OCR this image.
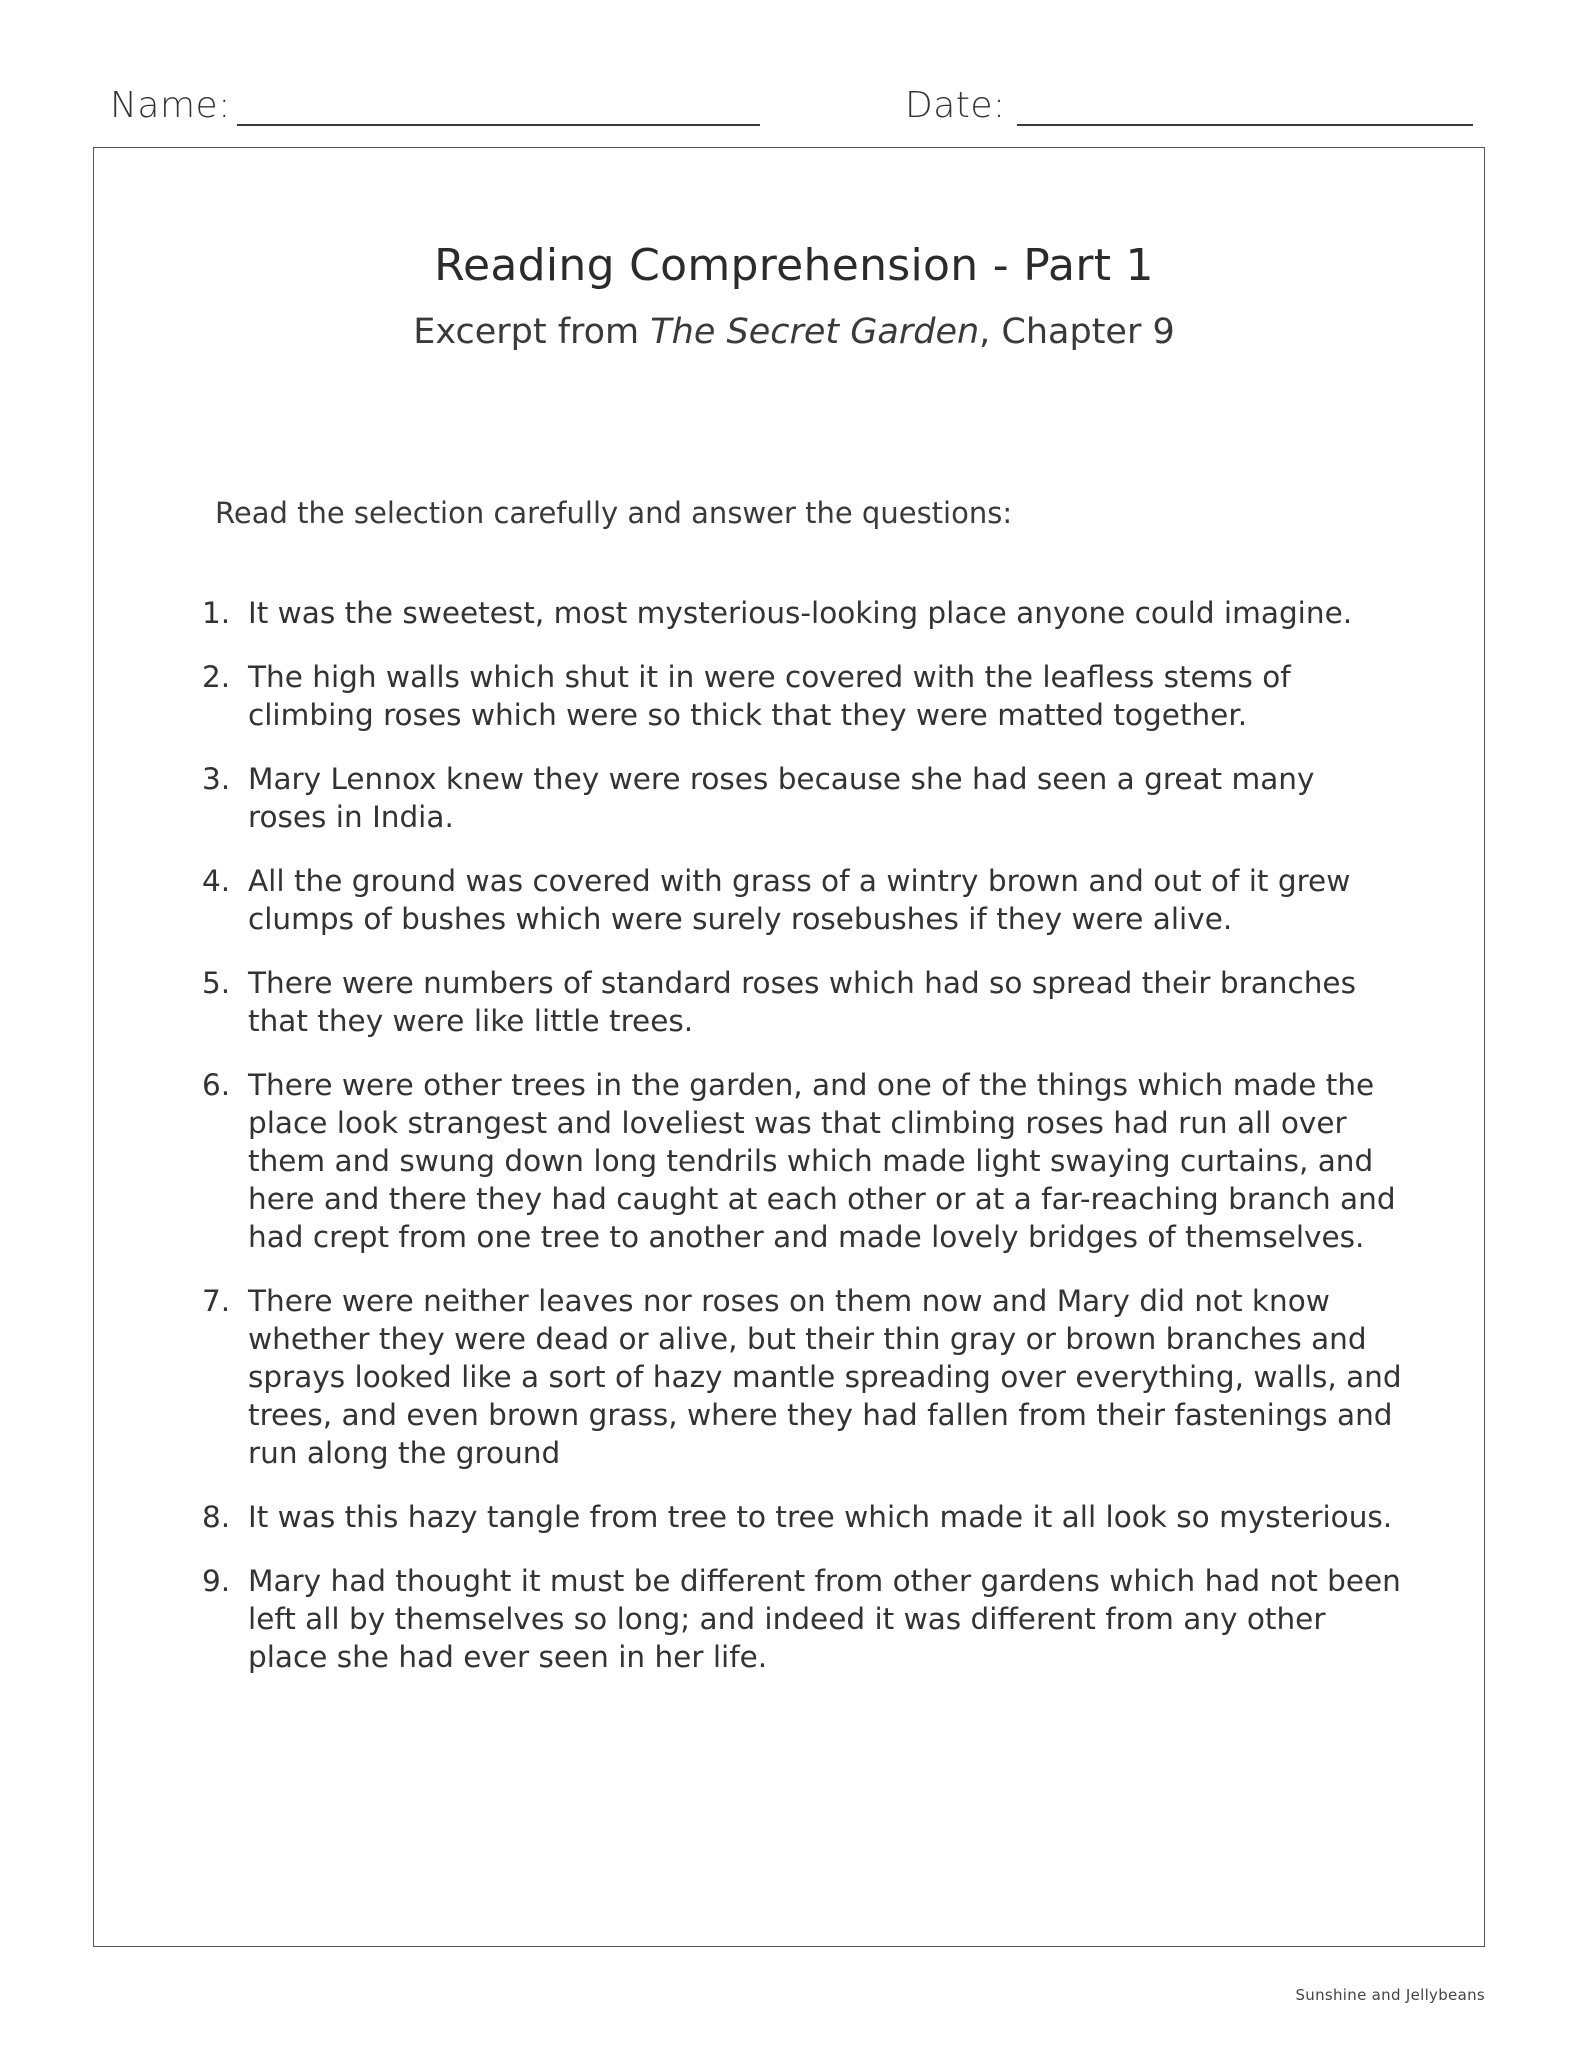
Name:	Date:
Reading Comprehension - Part 1
Excerpt from The Secret Garden, Chapter 9
Read the selection carefully and answer the questions:
1. It was the sweetest, most mysterious-looking place anyone could imagine.
2. The high walls which shut it in were covered with the leafless stems of climbing roses which were so thick that they were matted together.
3. Mary Lennox knew they were roses because she had seen a great many roses in India.
4. All the ground was covered with grass of a wintry brown and out of it grew clumps of bushes which were surely rosebushes if they were alive.
5. There were numbers of standard roses which had so spread their branches that they were like little trees.
6. There were other trees in the garden, and one of the things which made the place look strangest and loveliest was that climbing roses had run all over them and swung down long tendrils which made light swaying curtains, and here and there they had caught at each other or at a far-reaching branch and had crept from one tree to another and made lovely bridges of themselves.
7. There were neither leaves nor roses on them now and Mary did not know whether they were dead or alive, but their thin gray or brown branches and sprays looked like a sort of hazy mantle spreading over everything, walls, and trees, and even brown grass, where they had fallen from their fastenings and run along the ground
8. It was this hazy tangle from tree to tree which made it all look so mysterious.
9. Mary had thought it must be different from other gardens which had not been left all by themselves so long; and indeed it was different from any other place she had ever seen in her life.
Sunshine and Jellybeans
